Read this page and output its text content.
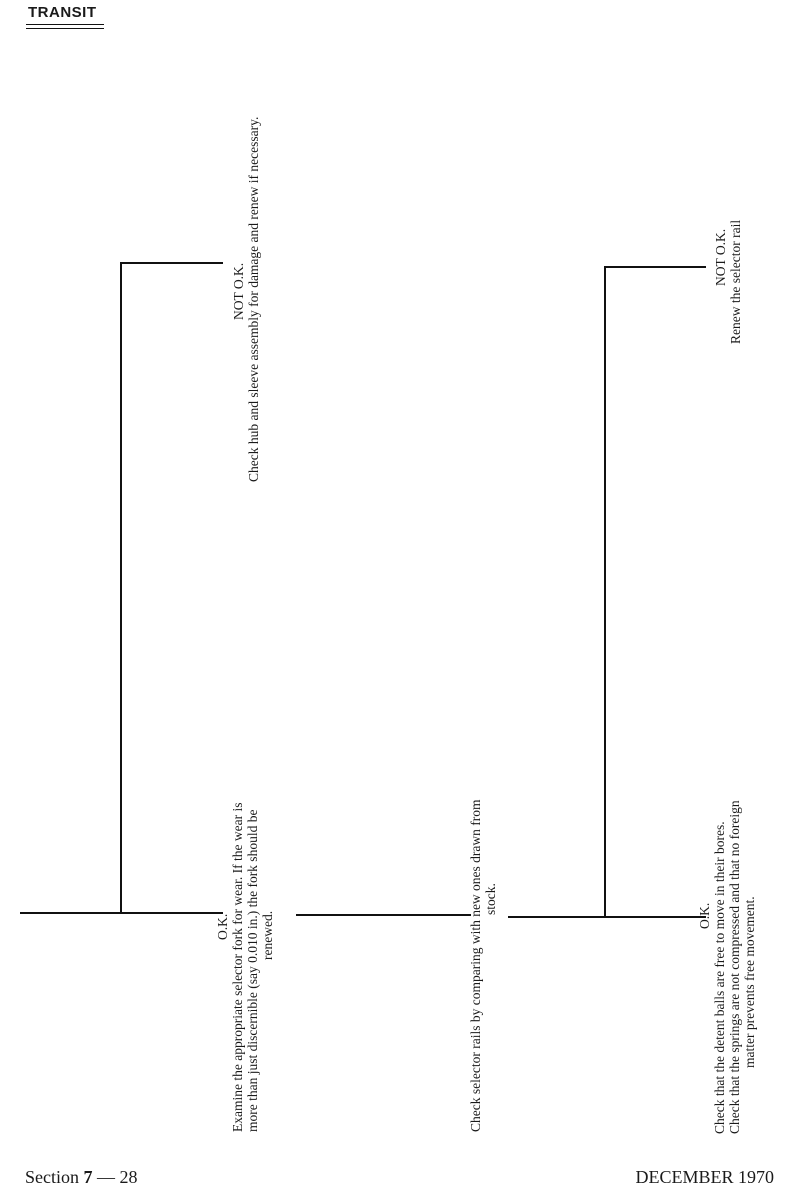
TRANSIT
O.K. Examine the appropriate selector fork for wear. If the wear is more than just discernible (say 0.010 in.) the fork should be renewed.
NOT O.K. Check hub and sleeve assembly for damage and renew if necessary.
Check selector rails by comparing with new ones drawn from stock.
O.K. Check that the detent balls are free to move in their bores. Check that the springs are not compressed and that no foreign matter prevents free movement.
NOT O.K. Renew the selector rail
Section 7 — 28	DECEMBER 1970
